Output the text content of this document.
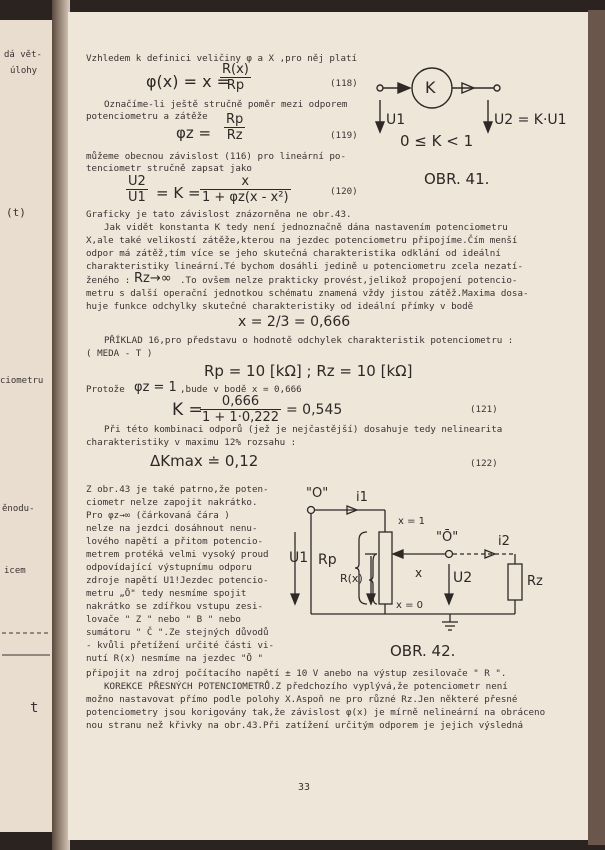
dá vět-
úlohy
(t)
ciometru
ěnodu-
icem
t
Vzhledem k definici veličiny φ a X ,pro něj platí
φ(x) = x =
$\frac{R(x)}{Rp}$	(118)
Označíme-li ještě stručně poměr mezi odporem
potenciometru a zátěže
$\varphi z = \frac{Rp}{Rz}$	(119)
můžeme obecnou závislost (116) pro lineární po-
tenciometr stručně zapsat jako
$\frac{U2}{U1} = K = \frac{x}{\text{1 + φz(x - x²)}}$	(120)
Graficky je tato závislost znázorněna ne obr.43.
Jak vidět konstanta K tedy není jednoznačně dána nastavením potenciometru
X,ale také velikostí zátěže,kterou na jezdec potenciometru připojíme.Čím menší
odpor má zátěž,tím více se jeho skutečná charakteristika odklání od ideální
charakteristiky lineární.Té bychom dosáhli jedině u potenciometru zcela nezatí-
ženého : Rz→∞ .To ovšem nelze prakticky provést,jelikož propojení potencio-
metru s další operační jednotkou schématu znamená vždy jistou zátěž.Maxima dosa-
huje funkce odchylky skutečné charakteristiky od ideální přímky v bodě
x = 2/3 = 0,666
PŘÍKLAD 16,pro představu o hodnotě odchylek charakteristik potenciometru :
( MEDA - T )
Rp = 10 [kΩ] ; Rz = 10 [kΩ]
Protože φz = 1 ,bude v bodě x = 0,666
K =
$\frac{0,666}{1 + 1\cdot 0,222} = 0,545$	(121)
Při této kombinaci odporů (jež je nejčastější) dosahuje tedy nelinearita
charakteristiky v maximu 12% rozsahu :
ΔKmax ≐ 0,12	(122)
Z obr.43 je také patrno,že poten-
ciometr nelze zapojit nakrátko.
Pro φz→∞ (čárkovaná čára )
nelze na jezdci dosáhnout nenu-
lového napětí a přitom potencio-
metrem protéká velmi vysoký proud
odpovídající výstupnímu odporu
zdroje napětí U1!Jezdec potencio-
metru „Ō" tedy nesmíme spojit
nakrátko se zdířkou vstupu zesi-
lovače " Z " nebo " B " nebo
sumátoru " Č ".Ze stejných důvodů
- kvůli přetížení určité části vi-
nutí R(x) nesmíme na jezdec "Ō "
připojit na zdroj počítacího napětí ± 10 V anebo na výstup zesilovače " R ".
KOREKCE PŘESNÝCH POTENCIOMETRŮ.Z předchozího vyplývá,že potenciometr není
možno nastavovat přímo podle polohy X.Aspoň ne pro různé Rz.Jen některé přesné
potenciometry jsou korigovány tak,že závislost φ(x) je mírně nelineární na obráceno
nou stranu než křivky na obr.43.Při zatížení určitým odporem je jejich výsledná
33
K
U1	U2 = K·U1
0 ≤ K < 1
OBR. 41.
"O" i1
x = 1
Rp
R(x)	x
x = 0
"Ō"	i2
U1
U2	Rz
OBR. 42.
